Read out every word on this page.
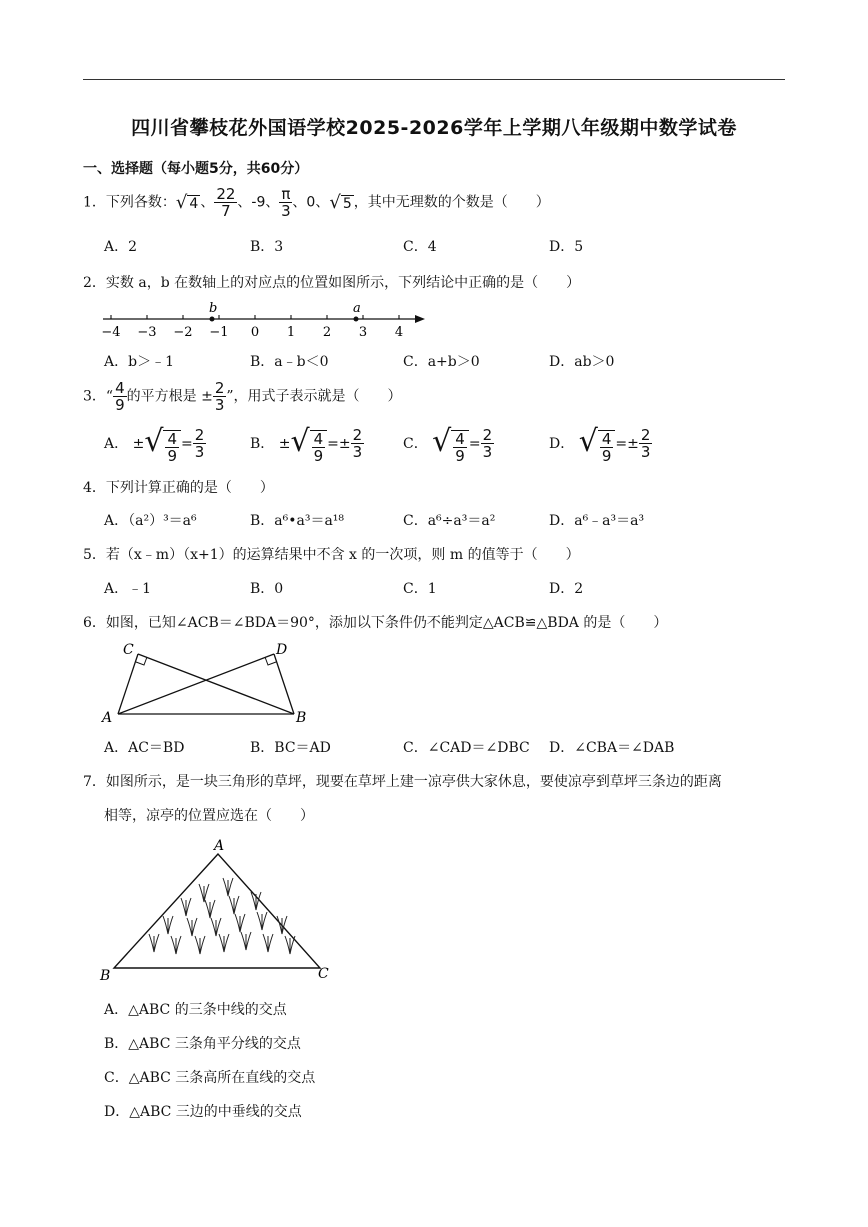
四川省攀枝花外国语学校2025-2026学年上学期八年级期中数学试卷
一、选择题（每小题5分，共60分）
1．下列各数：√ 4 、 $\frac{22}{7}$ 、-9、 $\frac{\pi}{3}$ 、0、√ 5 ，其中无理数的个数是（　　）
A．2	B．3	C．4	D．5
2．实数 a，b 在数轴上的对应点的位置如图所示，下列结论中正确的是（　　）
−4 −3 −2 −1 0 1 2 3 4
b	a
A．b＞﹣1	B．a﹣b＜0	C．a+b＞0	D．ab＞0
3．“ $\frac{4}{9}$ 的平方根是 ± $\frac{2}{3}$ ”，用式子表示就是（　　）
A． ±√ $\frac{4}{9} = \frac{2}{3}$	B． ±√ $\frac{4}{9} =\pm \frac{2}{3}$	C． √ $\frac{4}{9} = \frac{2}{3}$	D． √ $\frac{4}{9} =\pm \frac{2}{3}$
4．下列计算正确的是（　　）
A．（a²）³＝a⁶	B．a⁶•a³＝a¹⁸	C．a⁶÷a³＝a²	D．a⁶﹣a³＝a³
5．若（x﹣m）（x+1）的运算结果中不含 x 的一次项，则 m 的值等于（　　）
A．﹣1	B．0	C．1	D．2
6．如图，已知∠ACB＝∠BDA＝90°，添加以下条件仍不能判定△ACB≌△BDA 的是（　　）
C	D
A	B
A．AC＝BD	B．BC＝AD	C．∠CAD＝∠DBC D．∠CBA＝∠DAB
7．如图所示，是一块三角形的草坪，现要在草坪上建一凉亭供大家休息，要使凉亭到草坪三条边的距离
相等，凉亭的位置应选在（　　）
A
B	C
A．△ABC 的三条中线的交点
B．△ABC 三条角平分线的交点
C．△ABC 三条高所在直线的交点
D．△ABC 三边的中垂线的交点
